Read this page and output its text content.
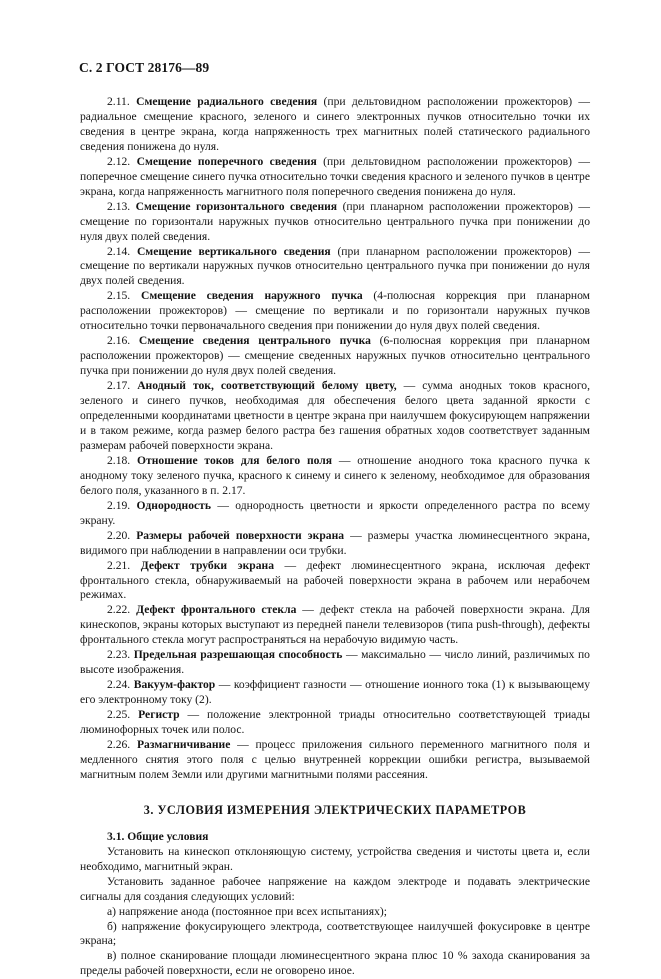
С. 2 ГОСТ 28176—89

2.11. Смещение радиального сведения (при дельтовидном расположении прожекторов) — радиальное смещение красного, зеленого и синего электронных пучков относительно точки их сведения в центре экрана, когда напряженность трех магнитных полей статического радиального сведения понижена до нуля.

2.12. Смещение поперечного сведения (при дельтовидном расположении прожекторов) — поперечное смещение синего пучка относительно точки сведения красного и зеленого пучков в центре экрана, когда напряженность магнитного поля поперечного сведения понижена до нуля.

2.13. Смещение горизонтального сведения (при планарном расположении прожекторов) — смещение по горизонтали наружных пучков относительно центрального пучка при понижении до нуля двух полей сведения.

2.14. Смещение вертикального сведения (при планарном расположении прожекторов) — смещение по вертикали наружных пучков относительно центрального пучка при понижении до нуля двух полей сведения.

2.15. Смещение сведения наружного пучка (4-полюсная коррекция при планарном расположении прожекторов) — смещение по вертикали и по горизонтали наружных пучков относительно точки первоначального сведения при понижении до нуля двух полей сведения.

2.16. Смещение сведения центрального пучка (6-полюсная коррекция при планарном расположении прожекторов) — смещение сведенных наружных пучков относительно центрального пучка при понижении до нуля двух полей сведения.

2.17. Анодный ток, соответствующий белому цвету, — сумма анодных токов красного, зеленого и синего пучков, необходимая для обеспечения белого цвета заданной яркости с определенными координатами цветности в центре экрана при наилучшем фокусирующем напряжении и в таком режиме, когда размер белого растра без гашения обратных ходов соответствует заданным размерам рабочей поверхности экрана.

2.18. Отношение токов для белого поля — отношение анодного тока красного пучка к анодному току зеленого пучка, красного к синему и синего к зеленому, необходимое для образования белого поля, указанного в п. 2.17.

2.19. Однородность — однородность цветности и яркости определенного растра по всему экрану.

2.20. Размеры рабочей поверхности экрана — размеры участка люминесцентного экрана, видимого при наблюдении в направлении оси трубки.

2.21. Дефект трубки экрана — дефект люминесцентного экрана, исключая дефект фронтального стекла, обнаруживаемый на рабочей поверхности экрана в рабочем или нерабочем режимах.

2.22. Дефект фронтального стекла — дефект стекла на рабочей поверхности экрана. Для кинескопов, экраны которых выступают из передней панели телевизоров (типа push-through), дефекты фронтального стекла могут распространяться на нерабочую видимую часть.

2.23. Предельная разрешающая способность — максимально — число линий, различимых по высоте изображения.

2.24. Вакуум-фактор — коэффициент газности — отношение ионного тока (1) к вызывающему его электронному току (2).

2.25. Регистр — положение электронной триады относительно соответствующей триады люминофорных точек или полос.

2.26. Размагничивание — процесс приложения сильного переменного магнитного поля и медленного снятия этого поля с целью внутренней коррекции ошибки регистра, вызываемой магнитным полем Земли или другими магнитными полями рассеяния.

3. УСЛОВИЯ ИЗМЕРЕНИЯ ЭЛЕКТРИЧЕСКИХ ПАРАМЕТРОВ

3.1. Общие условия

Установить на кинескоп отклоняющую систему, устройства сведения и чистоты цвета и, если необходимо, магнитный экран.

Установить заданное рабочее напряжение на каждом электроде и подавать электрические сигналы для создания следующих условий:

а) напряжение анода (постоянное при всех испытаниях);

б) напряжение фокусирующего электрода, соответствующее наилучшей фокусировке в центре экрана;

в) полное сканирование площади люминесцентного экрана плюс 10 % захода сканирования за пределы рабочей поверхности, если не оговорено иное.
